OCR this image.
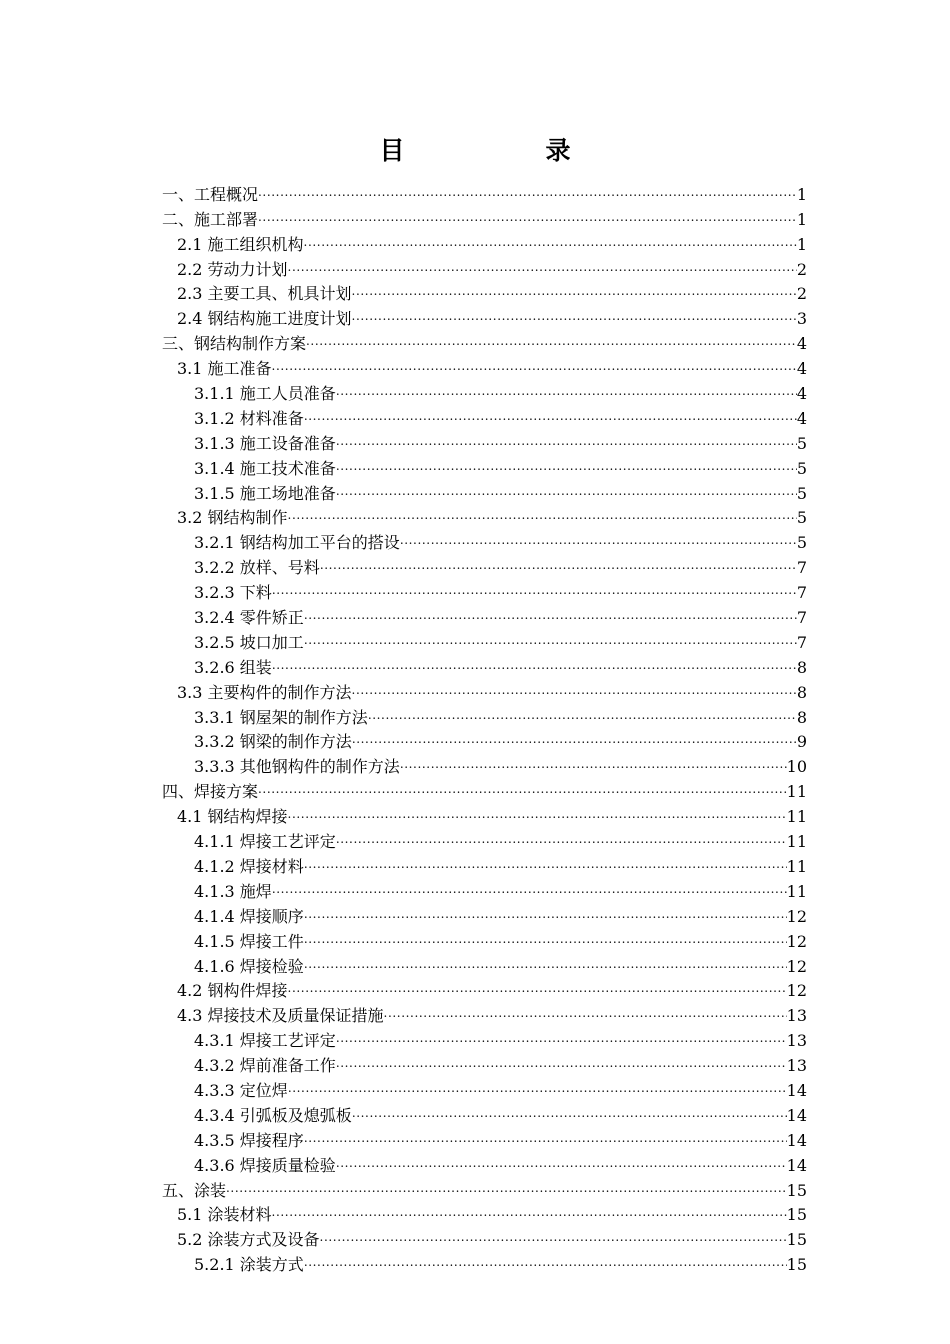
目　录
一、工程概况 .....	1
二、施工部署 .....	1
2.1 施工组织机构 .....	1
2.2 劳动力计划 .....	2
2.3 主要工具、机具计划 .....	2
2.4 钢结构施工进度计划 .....	3
三、钢结构制作方案 .....	4
3.1 施工准备 .....	4
3.1.1 施工人员准备 .....	4
3.1.2 材料准备 .....	4
3.1.3 施工设备准备 .....	5
3.1.4 施工技术准备 .....	5
3.1.5 施工场地准备 .....	5
3.2 钢结构制作 .....	5
3.2.1 钢结构加工平台的搭设 .....	5
3.2.2 放样、号料 .....	7
3.2.3 下料 .....	7
3.2.4 零件矫正 .....	7
3.2.5 坡口加工 .....	7
3.2.6 组装 .....	8
3.3 主要构件的制作方法 .....	8
3.3.1 钢屋架的制作方法 .....	8
3.3.2 钢梁的制作方法 .....	9
3.3.3 其他钢构件的制作方法 .....	10
四、焊接方案 .....	11
4.1 钢结构焊接 .....	11
4.1.1 焊接工艺评定 .....	11
4.1.2 焊接材料 .....	11
4.1.3 施焊 .....	11
4.1.4 焊接顺序 .....	12
4.1.5 焊接工件 .....	12
4.1.6 焊接检验 .....	12
4.2 钢构件焊接 .....	12
4.3 焊接技术及质量保证措施 .....	13
4.3.1 焊接工艺评定 .....	13
4.3.2 焊前准备工作 .....	13
4.3.3 定位焊 .....	14
4.3.4 引弧板及熄弧板 .....	14
4.3.5 焊接程序 .....	14
4.3.6 焊接质量检验 .....	14
五、涂装 .....	15
5.1 涂装材料 .....	15
5.2 涂装方式及设备 .....	15
5.2.1 涂装方式 .....	15
